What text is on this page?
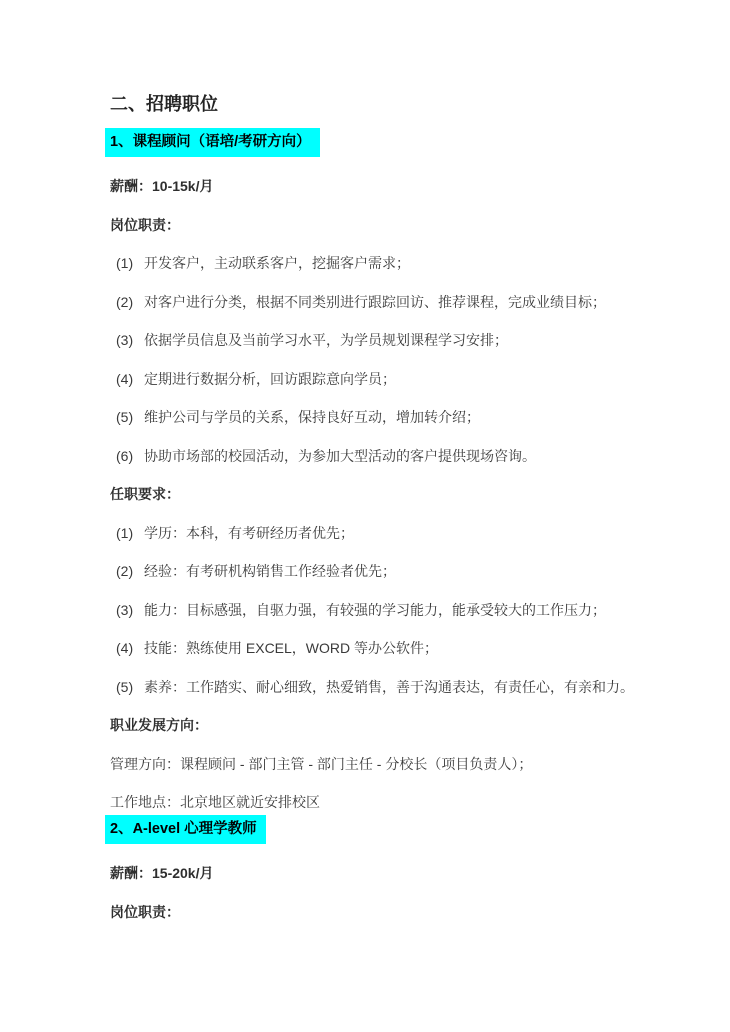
二、招聘职位
1、课程顾问（语培/考研方向）

薪酬：10-15k/月

岗位职责：

(1) 开发客户，主动联系客户，挖掘客户需求；
(2) 对客户进行分类，根据不同类别进行跟踪回访、推荐课程，完成业绩目标；
(3) 依据学员信息及当前学习水平，为学员规划课程学习安排；
(4) 定期进行数据分析，回访跟踪意向学员；
(5) 维护公司与学员的关系，保持良好互动，增加转介绍；
(6) 协助市场部的校园活动，为参加大型活动的客户提供现场咨询。

任职要求：

(1) 学历：本科，有考研经历者优先；
(2) 经验：有考研机构销售工作经验者优先；
(3) 能力：目标感强，自驱力强，有较强的学习能力，能承受较大的工作压力；
(4) 技能：熟练使用 EXCEL，WORD 等办公软件；
(5) 素养：工作踏实、耐心细致，热爱销售，善于沟通表达，有责任心，有亲和力。

职业发展方向：

管理方向：课程顾问 - 部门主管 - 部门主任 - 分校长（项目负责人）；

工作地点：北京地区就近安排校区

2、A-level 心理学教师

薪酬：15-20k/月

岗位职责：
